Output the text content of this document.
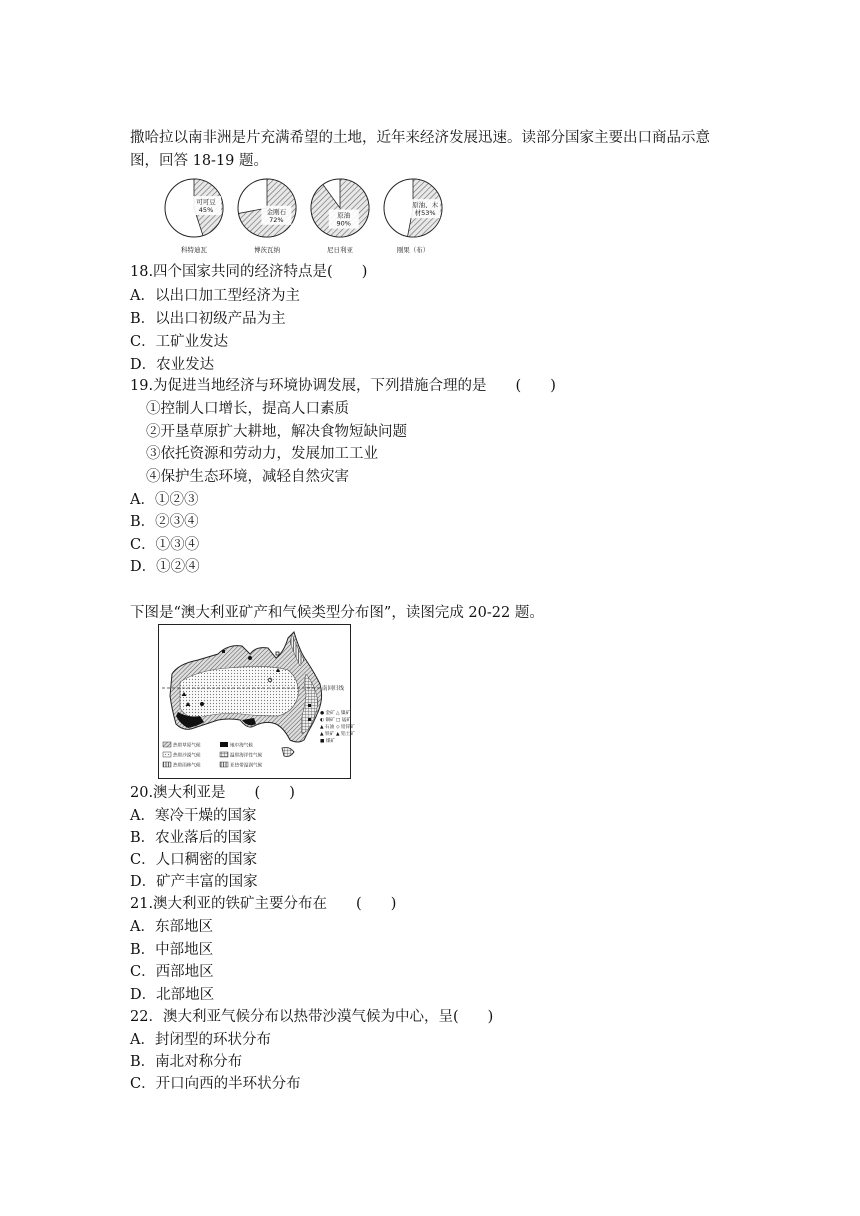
撒哈拉以南非洲是片充满希望的土地，近年来经济发展迅速。读部分国家主要出口商品示意
图，回答 18-19 题。
可可豆
45%
科特迪瓦
金刚石
72%
博茨瓦纳
原油
90%
尼日利亚
原油、木
材53%
刚果（布）
18.四个国家共同的经济特点是(　　)
A．以出口加工型经济为主
B．以出口初级产品为主
C．工矿业发达
D．农业发达
19.为促进当地经济与环境协调发展，下列措施合理的是　　(　　)
①控制人口增长，提高人口素质
②开垦草原扩大耕地，解决食物短缺问题
③依托资源和劳动力，发展加工工业
④保护生态环境，减轻自然灾害
A．①②③
B．②③④
C．①③④
D．①②④
下图是“澳大利亚矿产和气候类型分布图”，读图完成 20-22 题。
南回归线
热带草原气候
热带沙漠气候
热带雨林气候
地中海气候
温带海洋性气候
亚热带湿润气候
● 金矿
◐ 铜矿
▲ 石油
▲ 铁矿
■ 煤矿
△ 镍矿
□ 锰矿
◇ 铅锌矿
▲ 铝土矿
20.澳大利亚是　　(　　)
A．寒冷干燥的国家
B．农业落后的国家
C．人口稠密的国家
D．矿产丰富的国家
21.澳大利亚的铁矿主要分布在　　(　　)
A．东部地区
B．中部地区
C．西部地区
D．北部地区
22．澳大利亚气候分布以热带沙漠气候为中心，呈(　　)
A．封闭型的环状分布
B．南北对称分布
C．开口向西的半环状分布
